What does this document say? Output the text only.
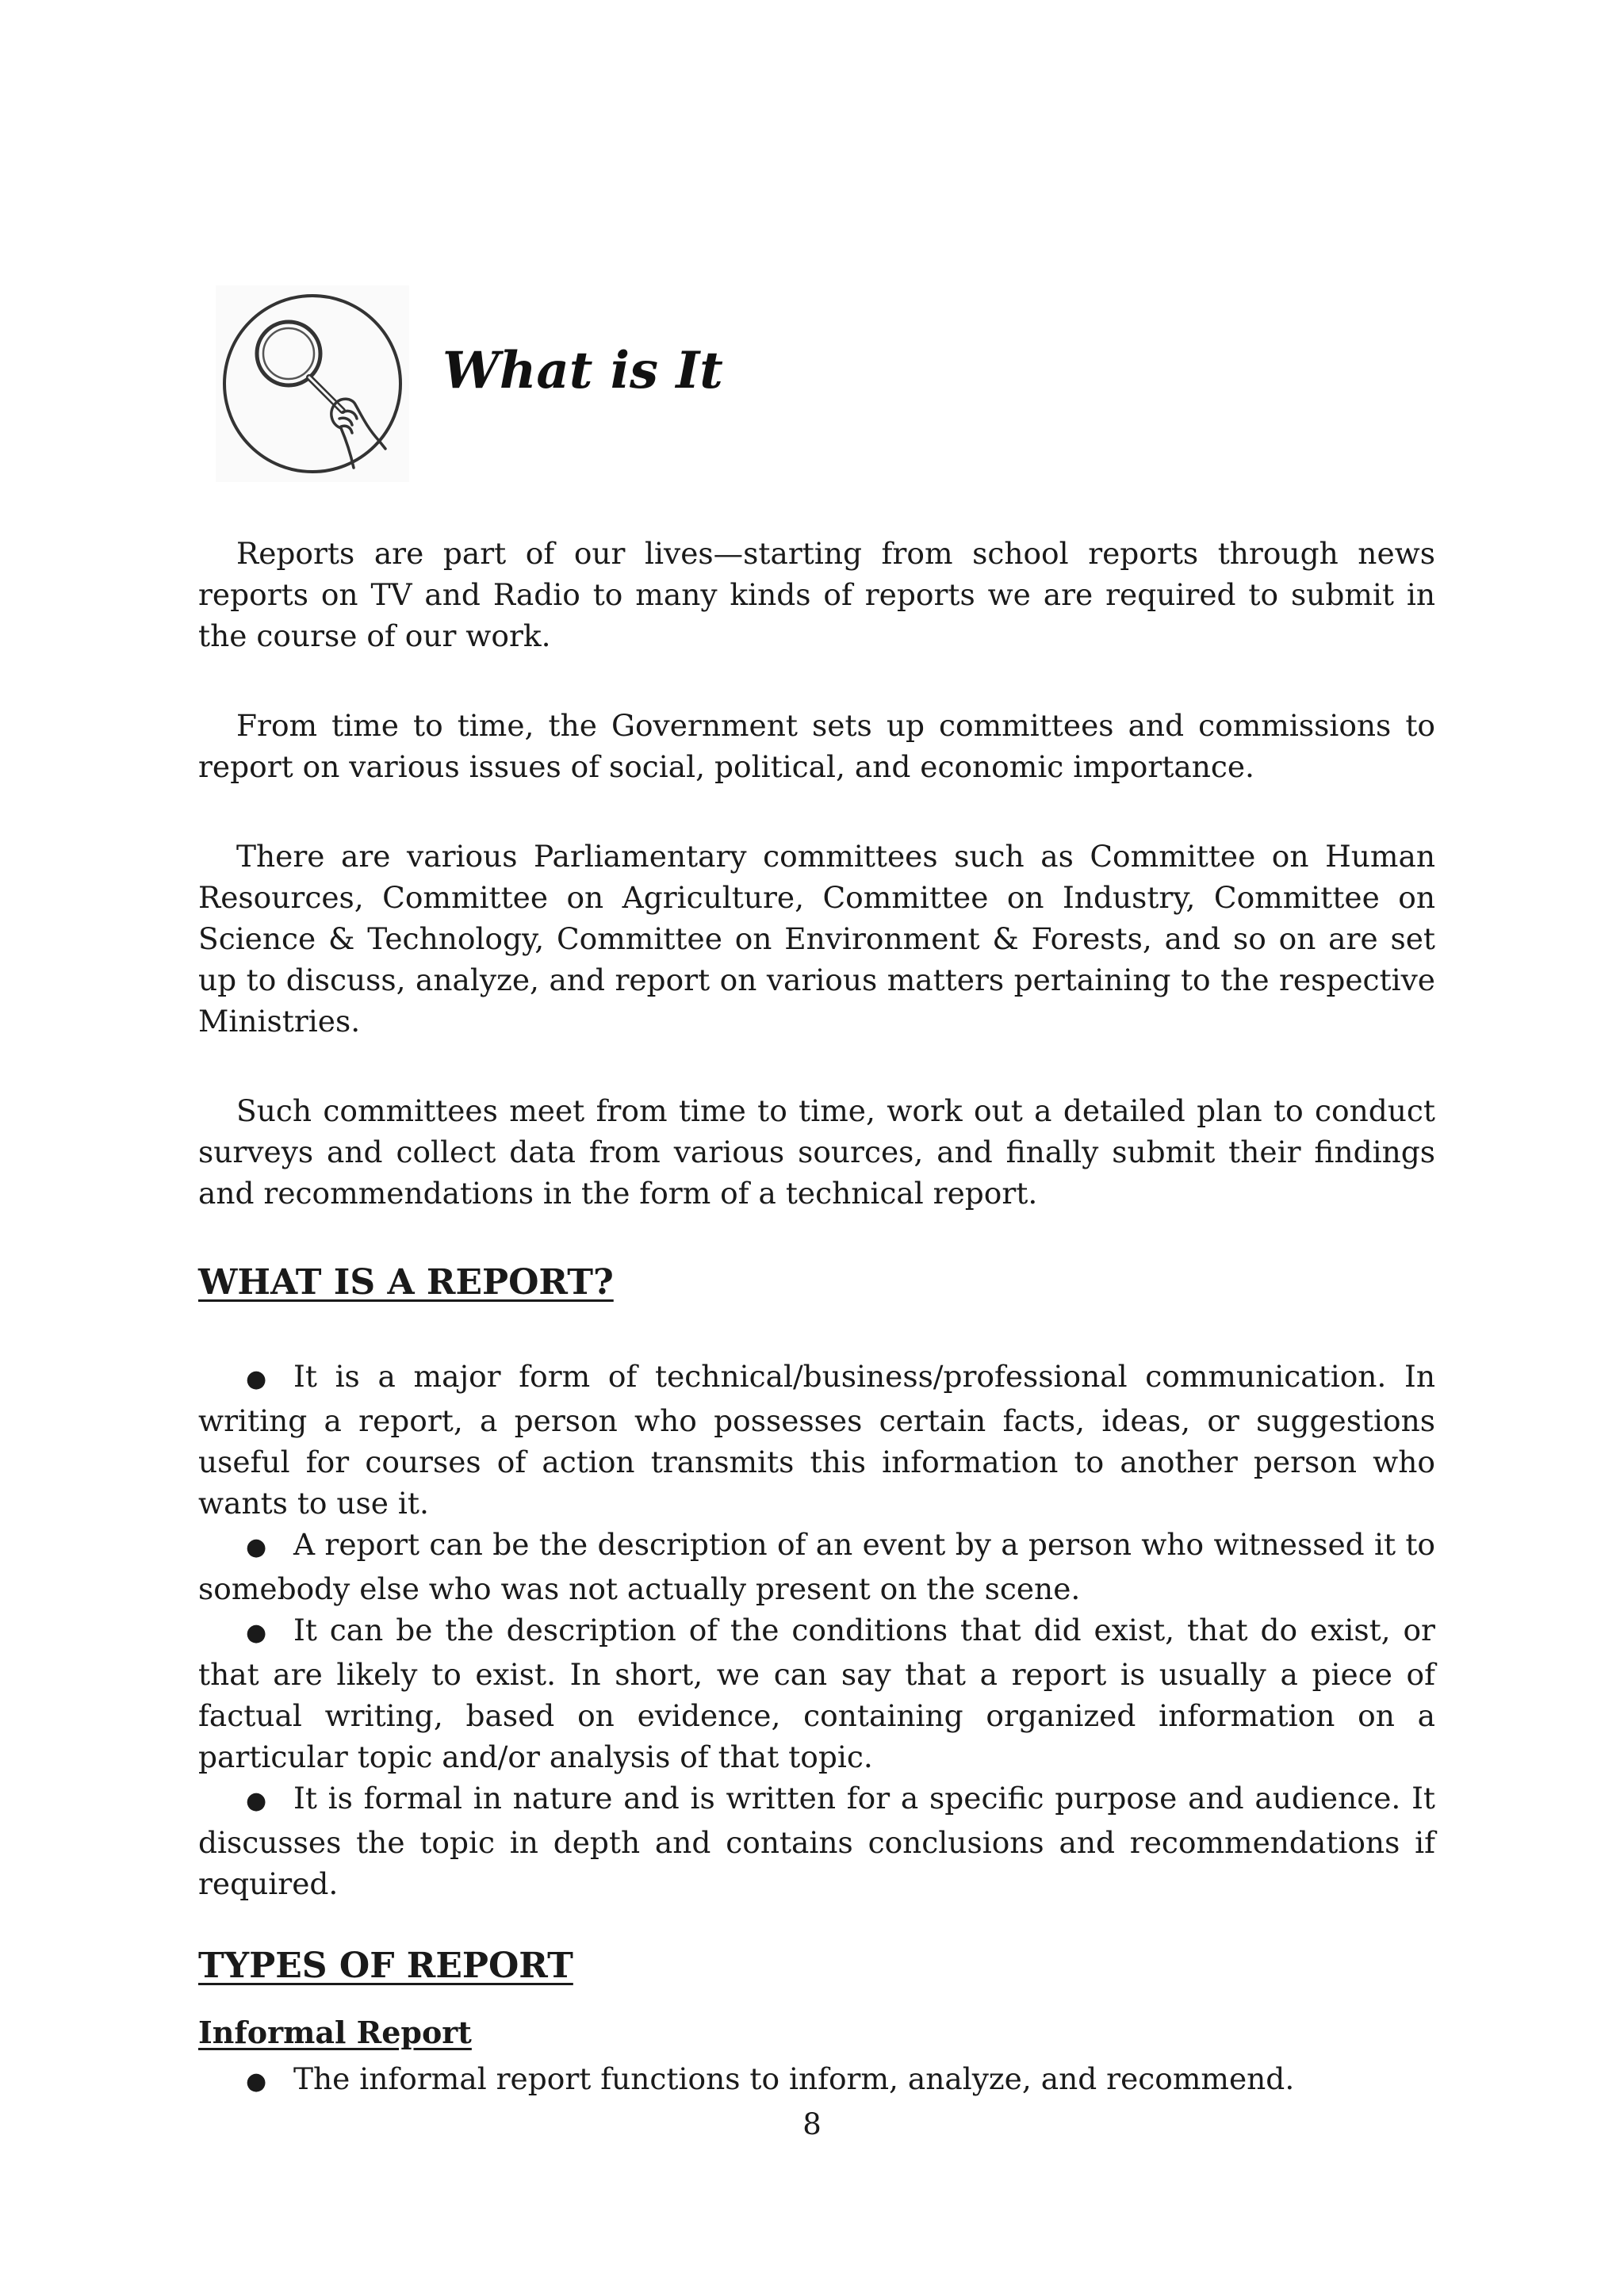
What is It

Reports are part of our lives—starting from school reports through news reports on TV and Radio to many kinds of reports we are required to submit in the course of our work.

From time to time, the Government sets up committees and commissions to report on various issues of social, political, and economic importance.

There are various Parliamentary committees such as Committee on Human Resources, Committee on Agriculture, Committee on Industry, Committee on Science & Technology, Committee on Environment & Forests, and so on are set up to discuss, analyze, and report on various matters pertaining to the respective Ministries.

Such committees meet from time to time, work out a detailed plan to conduct surveys and collect data from various sources, and finally submit their findings and recommendations in the form of a technical report.

WHAT IS A REPORT?

● It is a major form of technical/business/professional communication. In writing a report, a person who possesses certain facts, ideas, or suggestions useful for courses of action transmits this information to another person who wants to use it.

● A report can be the description of an event by a person who witnessed it to somebody else who was not actually present on the scene.

● It can be the description of the conditions that did exist, that do exist, or that are likely to exist. In short, we can say that a report is usually a piece of factual writing, based on evidence, containing organized information on a particular topic and/or analysis of that topic.

● It is formal in nature and is written for a specific purpose and audience. It discusses the topic in depth and contains conclusions and recommendations if required.

TYPES OF REPORT
Informal Report

● The informal report functions to inform, analyze, and recommend.

8
